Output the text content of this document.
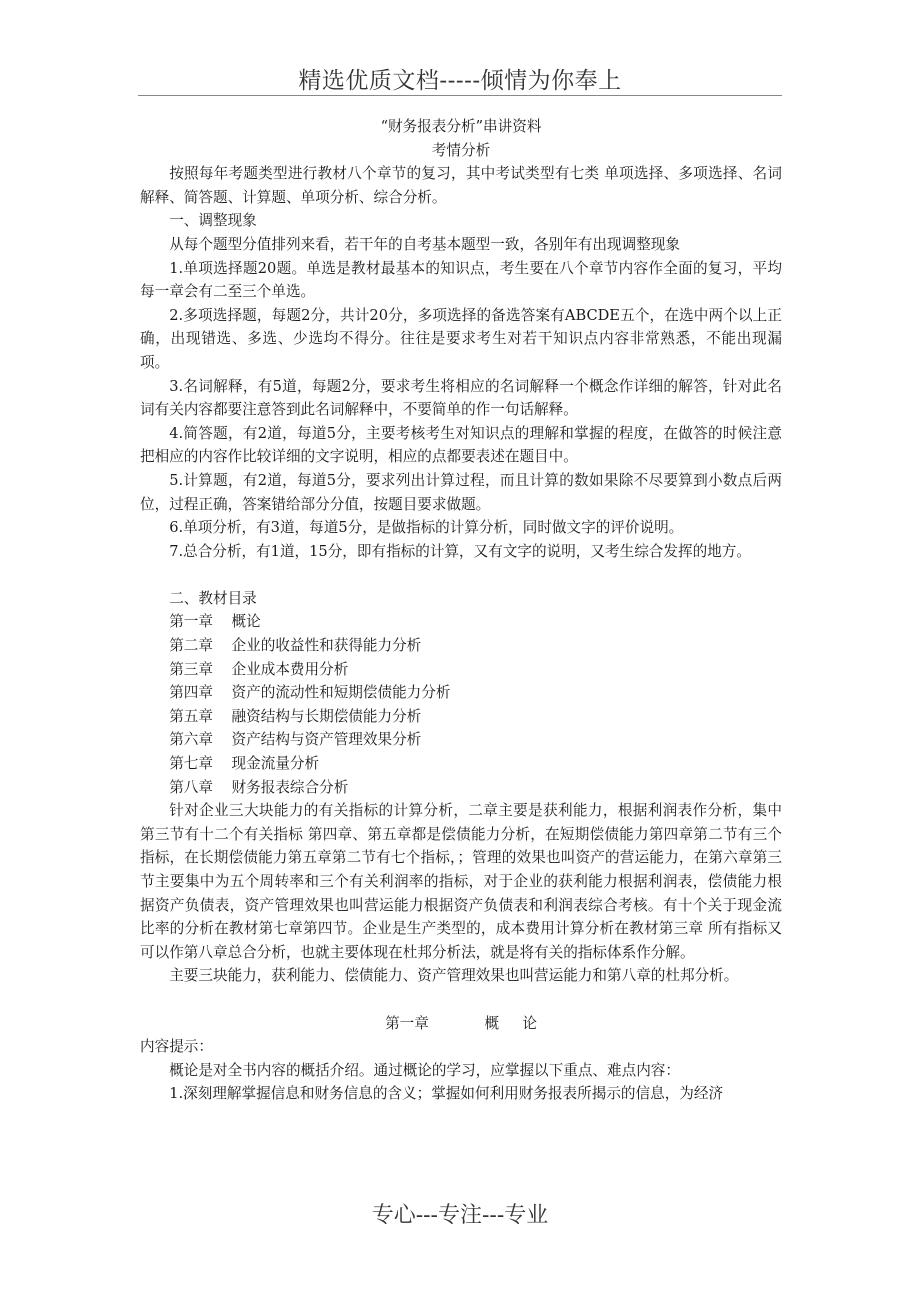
精选优质文档-----倾情为你奉上

“财务报表分析”串讲资料

考情分析

按照每年考题类型进行教材八个章节的复习，其中考试类型有七类 单项选择、多项选择、名词解释、简答题、计算题、单项分析、综合分析。

一、调整现象

从每个题型分值排列来看，若干年的自考基本题型一致，各别年有出现调整现象

1.单项选择题20题。单选是教材最基本的知识点，考生要在八个章节内容作全面的复习，平均每一章会有二至三个单选。

2.多项选择题，每题2分，共计20分，多项选择的备选答案有ABCDE五个，在选中两个以上正确，出现错选、多选、少选均不得分。往往是要求考生对若干知识点内容非常熟悉，不能出现漏项。

3.名词解释，有5道，每题2分，要求考生将相应的名词解释一个概念作详细的解答，针对此名词有关内容都要注意答到此名词解释中，不要简单的作一句话解释。

4.简答题，有2道，每道5分，主要考核考生对知识点的理解和掌握的程度，在做答的时候注意把相应的内容作比较详细的文字说明，相应的点都要表述在题目中。

5.计算题，有2道，每道5分，要求列出计算过程，而且计算的数如果除不尽要算到小数点后两位，过程正确，答案错给部分分值，按题目要求做题。

6.单项分析，有3道，每道5分，是做指标的计算分析，同时做文字的评价说明。

7.总合分析，有1道，15分，即有指标的计算，又有文字的说明，又考生综合发挥的地方。

二、教材目录

第一章 概论

第二章 企业的收益性和获得能力分析

第三章 企业成本费用分析

第四章 资产的流动性和短期偿债能力分析

第五章 融资结构与长期偿债能力分析

第六章 资产结构与资产管理效果分析

第七章 现金流量分析

第八章 财务报表综合分析

针对企业三大块能力的有关指标的计算分析，二章主要是获利能力，根据利润表作分析，集中第三节有十二个有关指标 第四章、第五章都是偿债能力分析，在短期偿债能力第四章第二节有三个指标，在长期偿债能力第五章第二节有七个指标，；管理的效果也叫资产的营运能力，在第六章第三节主要集中为五个周转率和三个有关利润率的指标，对于企业的获利能力根据利润表，偿债能力根据资产负债表，资产管理效果也叫营运能力根据资产负债表和利润表综合考核。有十个关于现金流比率的分析在教材第七章第四节。企业是生产类型的，成本费用计算分析在教材第三章 所有指标又可以作第八章总合分析，也就主要体现在杜邦分析法，就是将有关的指标体系作分解。

主要三块能力，获利能力、偿债能力、资产管理效果也叫营运能力和第八章的杜邦分析。

第一章            概     论

内容提示：

概论是对全书内容的概括介绍。通过概论的学习，应掌握以下重点、难点内容：

1.深刻理解掌握信息和财务信息的含义；掌握如何利用财务报表所揭示的信息，为经济

专心---专注---专业
